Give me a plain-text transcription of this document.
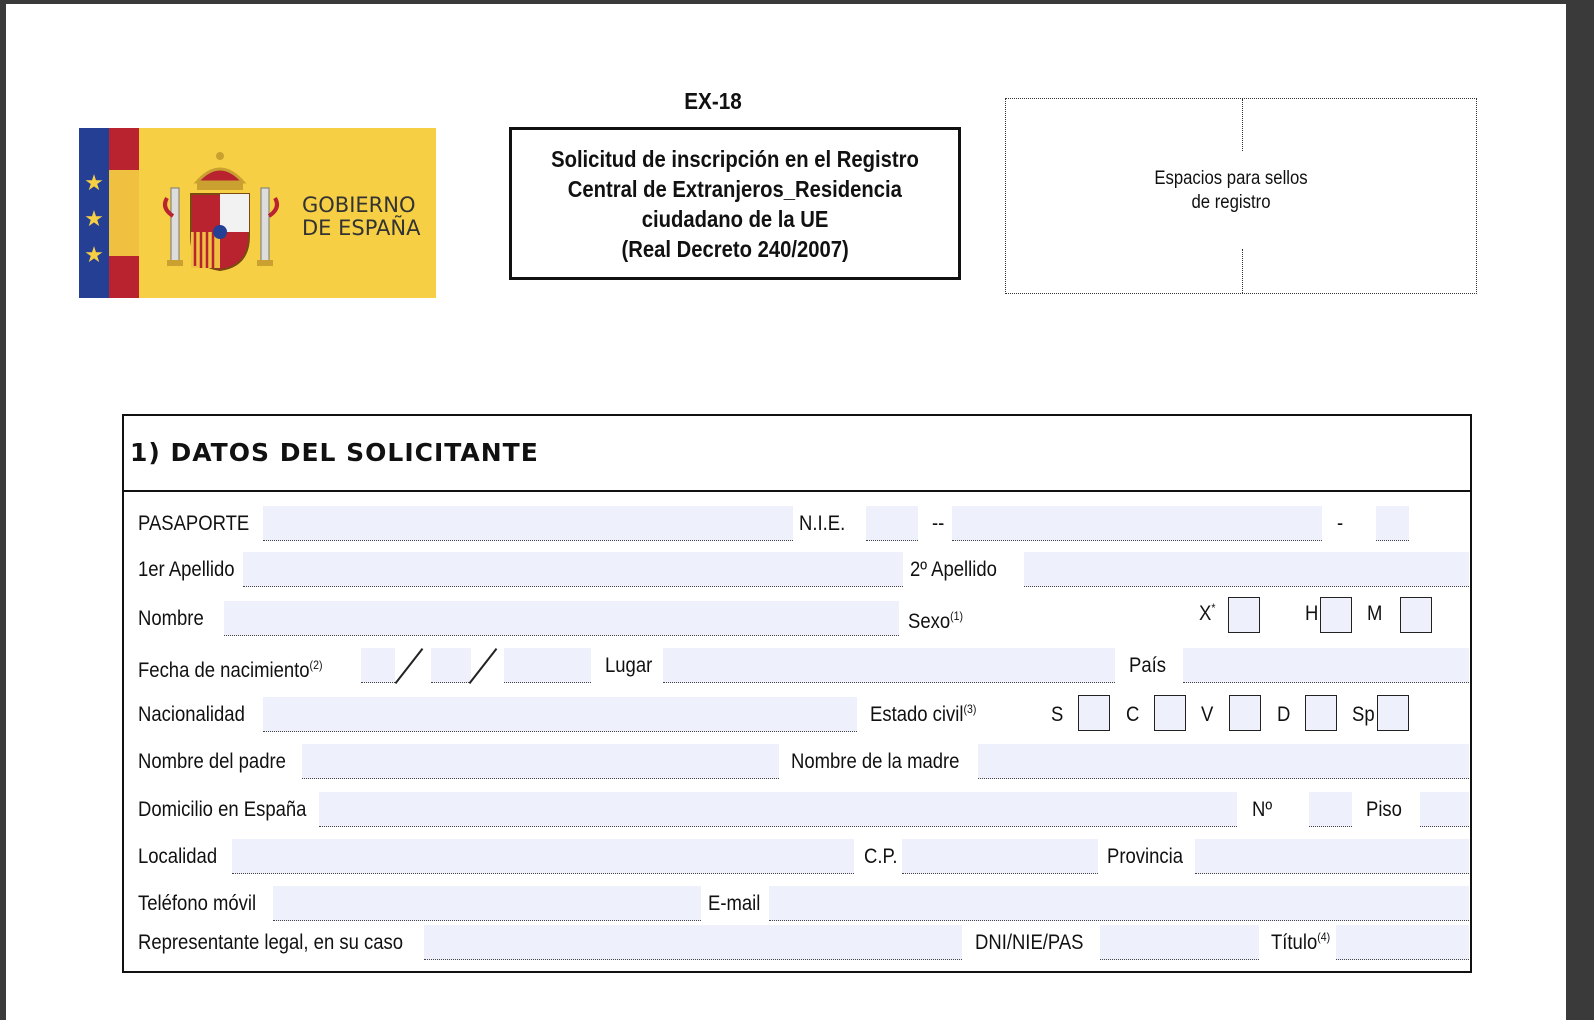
★
★
★
GOBIERNO
DE ESPAÑA
EX-18
Solicitud de inscripción en el Registro
Central de Extranjeros_Residencia
ciudadano de la UE
(Real Decreto 240/2007)
Espacios para sellos
de registro
1) DATOS DEL SOLICITANTE
PASAPORTE	N.I.E.	--	-
1er Apellido	2º Apellido
Nombre	Sexo$^{(1)}$	X*	H M
Fecha de nacimiento$^{(2)}$	Lugar	País
Nacionalidad	Estado civil$^{(3)}$	S	C	V	D	Sp
Nombre del padre	Nombre de la madre
Domicilio en España	Nº	Piso
Localidad	C.P.	Provincia
Teléfono móvil	E-mail
Representante legal, en su caso	DNI/NIE/PAS	Título$^{(4)}$
